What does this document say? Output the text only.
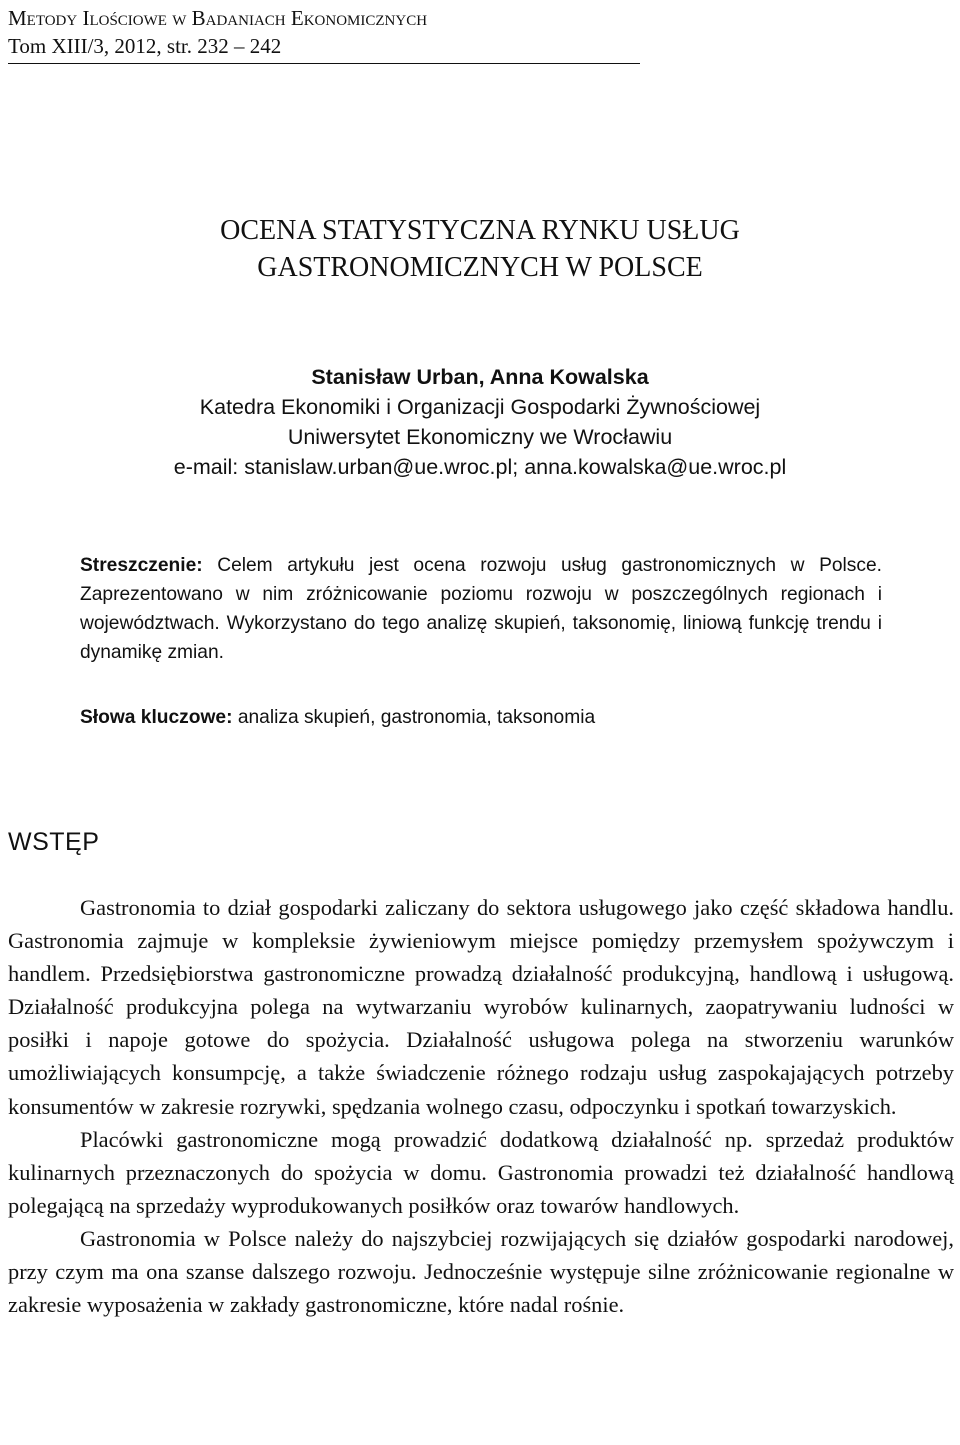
Metody Ilościowe w Badaniach Ekonomicznych
Tom XIII/3, 2012, str. 232 – 242
OCENA STATYSTYCZNA RYNKU USŁUG
GASTRONOMICZNYCH W POLSCE
Stanisław Urban, Anna Kowalska
Katedra Ekonomiki i Organizacji Gospodarki Żywnościowej
Uniwersytet Ekonomiczny we Wrocławiu
e-mail: stanislaw.urban@ue.wroc.pl; anna.kowalska@ue.wroc.pl
Streszczenie: Celem artykułu jest ocena rozwoju usług gastronomicznych w Polsce. Zaprezentowano w nim zróżnicowanie poziomu rozwoju w poszczególnych regionach i województwach. Wykorzystano do tego analizę skupień, taksonomię, liniową funkcję trendu i dynamikę zmian.
Słowa kluczowe: analiza skupień, gastronomia, taksonomia
WSTĘP

Gastronomia to dział gospodarki zaliczany do sektora usługowego jako część składowa handlu. Gastronomia zajmuje w kompleksie żywieniowym miejsce pomiędzy przemysłem spożywczym i handlem. Przedsiębiorstwa gastronomiczne prowadzą działalność produkcyjną, handlową i usługową. Działalność produkcyjna polega na wytwarzaniu wyrobów kulinarnych, zaopatrywaniu ludności w posiłki i napoje gotowe do spożycia. Działalność usługowa polega na stworzeniu warunków umożliwiających konsumpcję, a także świadczenie różnego rodzaju usług zaspokajających potrzeby konsumentów w zakresie rozrywki, spędzania wolnego czasu, odpoczynku i spotkań towarzyskich.

Placówki gastronomiczne mogą prowadzić dodatkową działalność np. sprzedaż produktów kulinarnych przeznaczonych do spożycia w domu. Gastronomia prowadzi też działalność handlową polegającą na sprzedaży wyprodukowanych posiłków oraz towarów handlowych.

Gastronomia w Polsce należy do najszybciej rozwijających się działów gospodarki narodowej, przy czym ma ona szanse dalszego rozwoju. Jednocześnie występuje silne zróżnicowanie regionalne w zakresie wyposażenia w zakłady gastronomiczne, które nadal rośnie.
